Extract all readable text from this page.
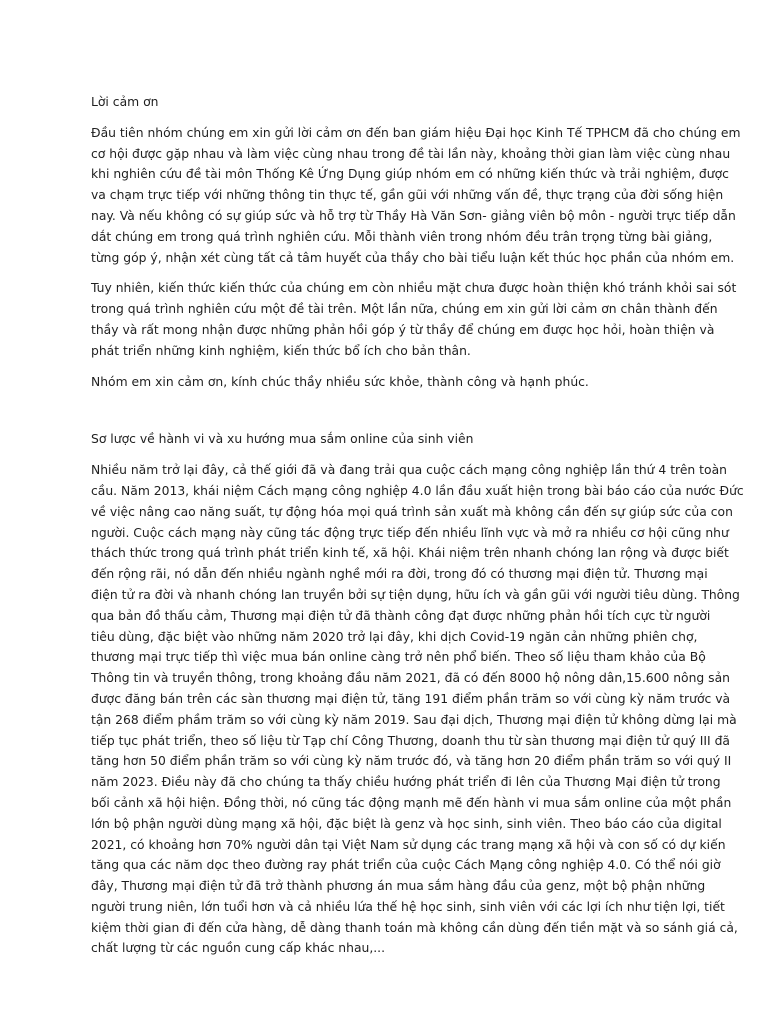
Lời cảm ơn

Đầu tiên nhóm chúng em xin gửi lời cảm ơn đến ban giám hiệu Đại học Kinh Tế TPHCM đã cho chúng em
cơ hội được gặp nhau và làm việc cùng nhau trong đề tài lần này, khoảng thời gian làm việc cùng nhau
khi nghiên cứu đề tài môn Thống Kê Ứng Dụng giúp nhóm em có những kiến thức và trải nghiệm, được
va chạm trực tiếp với những thông tin thực tế, gần gũi với những vấn đề, thực trạng của đời sống hiện
nay. Và nếu không có sự giúp sức và hỗ trợ từ Thầy Hà Văn Sơn- giảng viên bộ môn - người trực tiếp dẫn
dắt chúng em trong quá trình nghiên cứu. Mỗi thành viên trong nhóm đều trân trọng từng bài giảng,
từng góp ý, nhận xét cùng tất cả tâm huyết của thầy cho bài tiểu luận kết thúc học phần của nhóm em.

Tuy nhiên, kiến thức kiến thức của chúng em còn nhiều mặt chưa được hoàn thiện khó tránh khỏi sai sót
trong quá trình nghiên cứu một đề tài trên. Một lần nữa, chúng em xin gửi lời cảm ơn chân thành đến
thầy và rất mong nhận được những phản hồi góp ý từ thầy để chúng em được học hỏi, hoàn thiện và
phát triển những kinh nghiệm, kiến thức bổ ích cho bản thân.

Nhóm em xin cảm ơn, kính chúc thầy nhiều sức khỏe, thành công và hạnh phúc.

Sơ lược về hành vi và xu hướng mua sắm online của sinh viên

Nhiều năm trở lại đây, cả thế giới đã và đang trải qua cuộc cách mạng công nghiệp lần thứ 4 trên toàn
cầu. Năm 2013, khái niệm Cách mạng công nghiệp 4.0 lần đầu xuất hiện trong bài báo cáo của nước Đức
về việc nâng cao năng suất, tự động hóa mọi quá trình sản xuất mà không cần đến sự giúp sức của con
người. Cuộc cách mạng này cũng tác động trực tiếp đến nhiều lĩnh vực và mở ra nhiều cơ hội cũng như
thách thức trong quá trình phát triển kinh tế, xã hội. Khái niệm trên nhanh chóng lan rộng và được biết
đến rộng rãi, nó dẫn đến nhiều ngành nghề mới ra đời, trong đó có thương mại điện tử. Thương mại
điện tử ra đời và nhanh chóng lan truyền bởi sự tiện dụng, hữu ích và gần gũi với người tiêu dùng. Thông
qua bản đồ thấu cảm, Thương mại điện tử đã thành công đạt được những phản hồi tích cực từ người
tiêu dùng, đặc biệt vào những năm 2020 trở lại đây, khi dịch Covid-19 ngăn cản những phiên chợ,
thương mại trực tiếp thì việc mua bán online càng trở nên phổ biến. Theo số liệu tham khảo của Bộ
Thông tin và truyền thông, trong khoảng đầu năm 2021, đã có đến 8000 hộ nông dân,15.600 nông sản
được đăng bán trên các sàn thương mại điện tử, tăng 191 điểm phần trăm so với cùng kỳ năm trước và
tận 268 điểm phầm trăm so với cùng kỳ năm 2019. Sau đại dịch, Thương mại điện tử không dừng lại mà
tiếp tục phát triển, theo số liệu từ Tạp chí Công Thương, doanh thu từ sàn thương mại điện tử quý III đã
tăng hơn 50 điểm phần trăm so với cùng kỳ năm trước đó, và tăng hơn 20 điểm phần trăm so với quý II
năm 2023. Điều này đã cho chúng ta thấy chiều hướng phát triển đi lên của Thương Mại điện tử trong
bối cảnh xã hội hiện. Đồng thời, nó cũng tác động mạnh mẽ đến hành vi mua sắm online của một phần
lớn bộ phận người dùng mạng xã hội, đặc biệt là genz và học sinh, sinh viên. Theo báo cáo của digital
2021, có khoảng hơn 70% người dân tại Việt Nam sử dụng các trang mạng xã hội và con số có dự kiến
tăng qua các năm dọc theo đường ray phát triển của cuộc Cách Mạng công nghiệp 4.0. Có thể nói giờ
đây, Thương mại điện tử đã trở thành phương án mua sắm hàng đầu của genz, một bộ phận những
người trung niên, lớn tuổi hơn và cả nhiều lứa thế hệ học sinh, sinh viên với các lợi ích như tiện lợi, tiết
kiệm thời gian đi đến cửa hàng, dễ dàng thanh toán mà không cần dùng đến tiền mặt và so sánh giá cả,
chất lượng từ các nguồn cung cấp khác nhau,...
